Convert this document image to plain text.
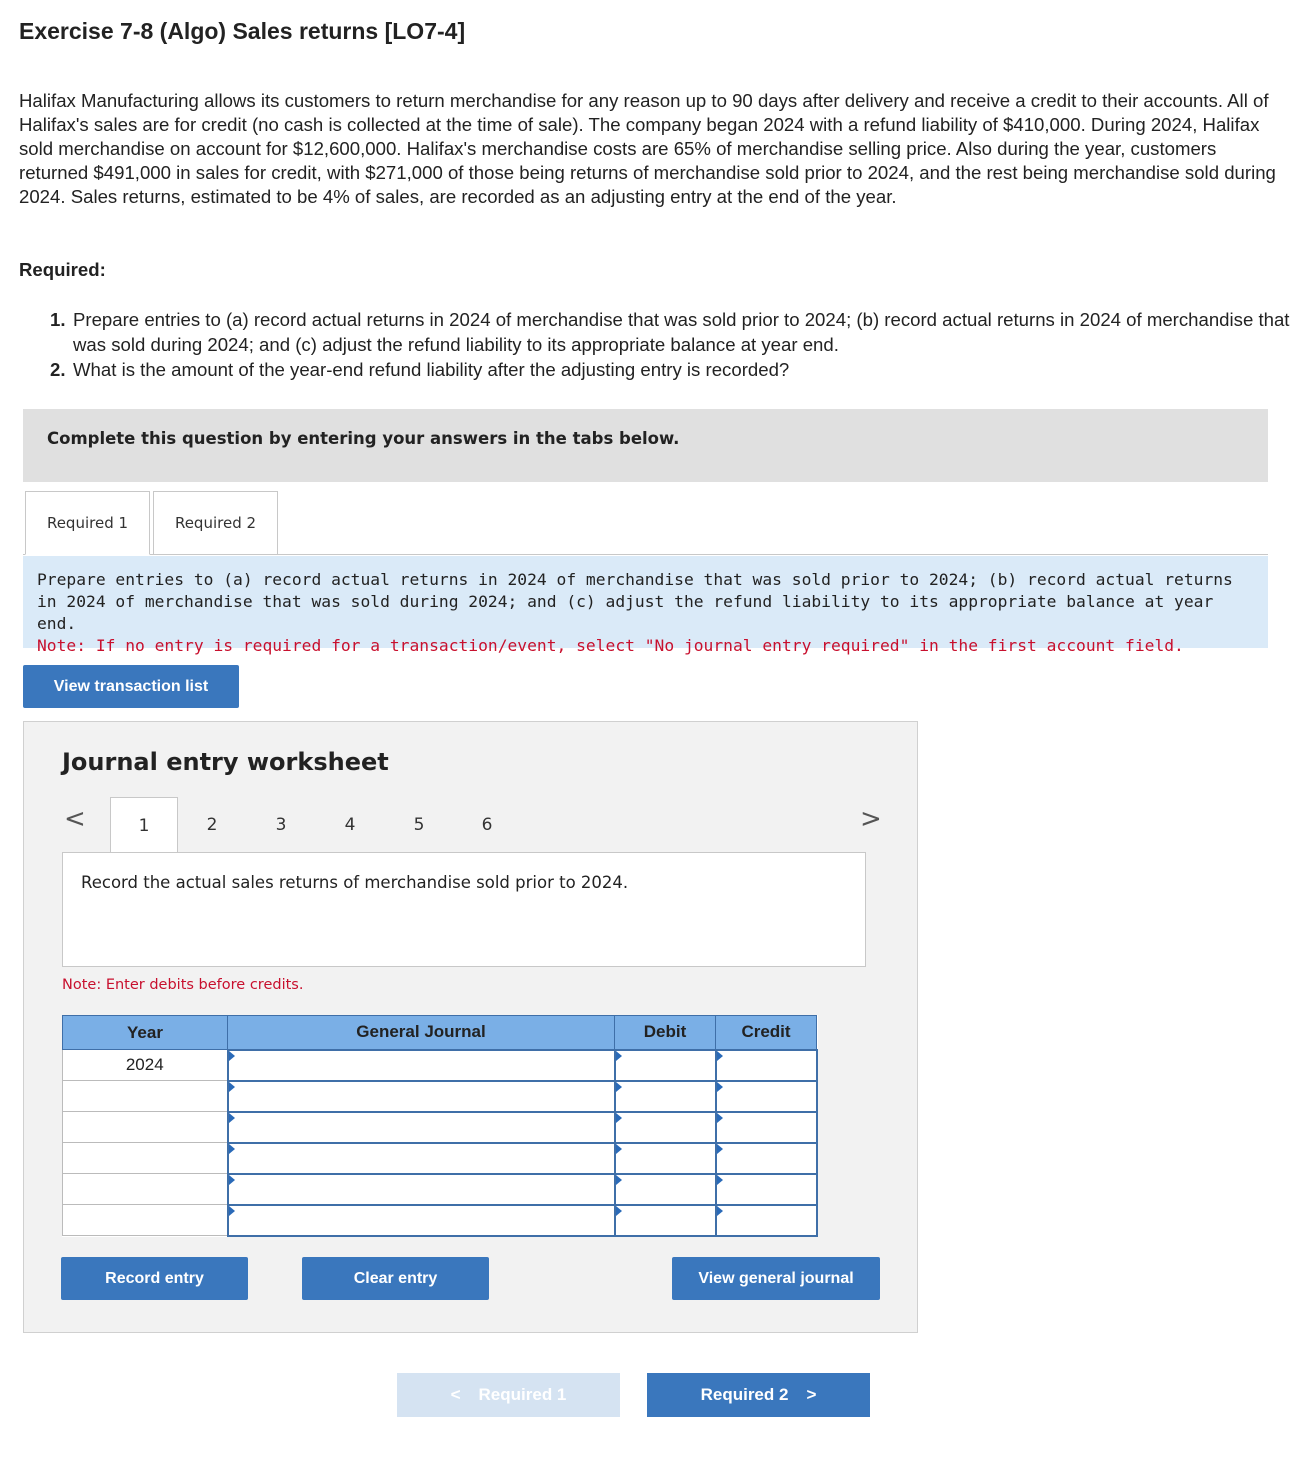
Exercise 7-8 (Algo) Sales returns [LO7-4]
Halifax Manufacturing allows its customers to return merchandise for any reason up to 90 days after delivery and receive a credit to their accounts. All of Halifax's sales are for credit (no cash is collected at the time of sale). The company began 2024 with a refund liability of $410,000. During 2024, Halifax sold merchandise on account for $12,600,000. Halifax's merchandise costs are 65% of merchandise selling price. Also during the year, customers returned $491,000 in sales for credit, with $271,000 of those being returns of merchandise sold prior to 2024, and the rest being merchandise sold during 2024. Sales returns, estimated to be 4% of sales, are recorded as an adjusting entry at the end of the year.
Required:
1. Prepare entries to (a) record actual returns in 2024 of merchandise that was sold prior to 2024; (b) record actual returns in 2024 of merchandise that was sold during 2024; and (c) adjust the refund liability to its appropriate balance at year end.
2. What is the amount of the year-end refund liability after the adjusting entry is recorded?
Complete this question by entering your answers in the tabs below.
Required 1	Required 2
Prepare entries to (a) record actual returns in 2024 of merchandise that was sold prior to 2024; (b) record actual returns in 2024 of merchandise that was sold during 2024; and (c) adjust the refund liability to its appropriate balance at year end.
Note: If no entry is required for a transaction/event, select "No journal entry required" in the first account field.
View transaction list
Journal entry worksheet
<	1	2	3	4	5	6	>
Record the actual sales returns of merchandise sold prior to 2024.
Note: Enter debits before credits.
Year	General Journal	Debit	Credit
2024			

Record entry	Clear entry	View general journal
< Required 1	Required 2 >
